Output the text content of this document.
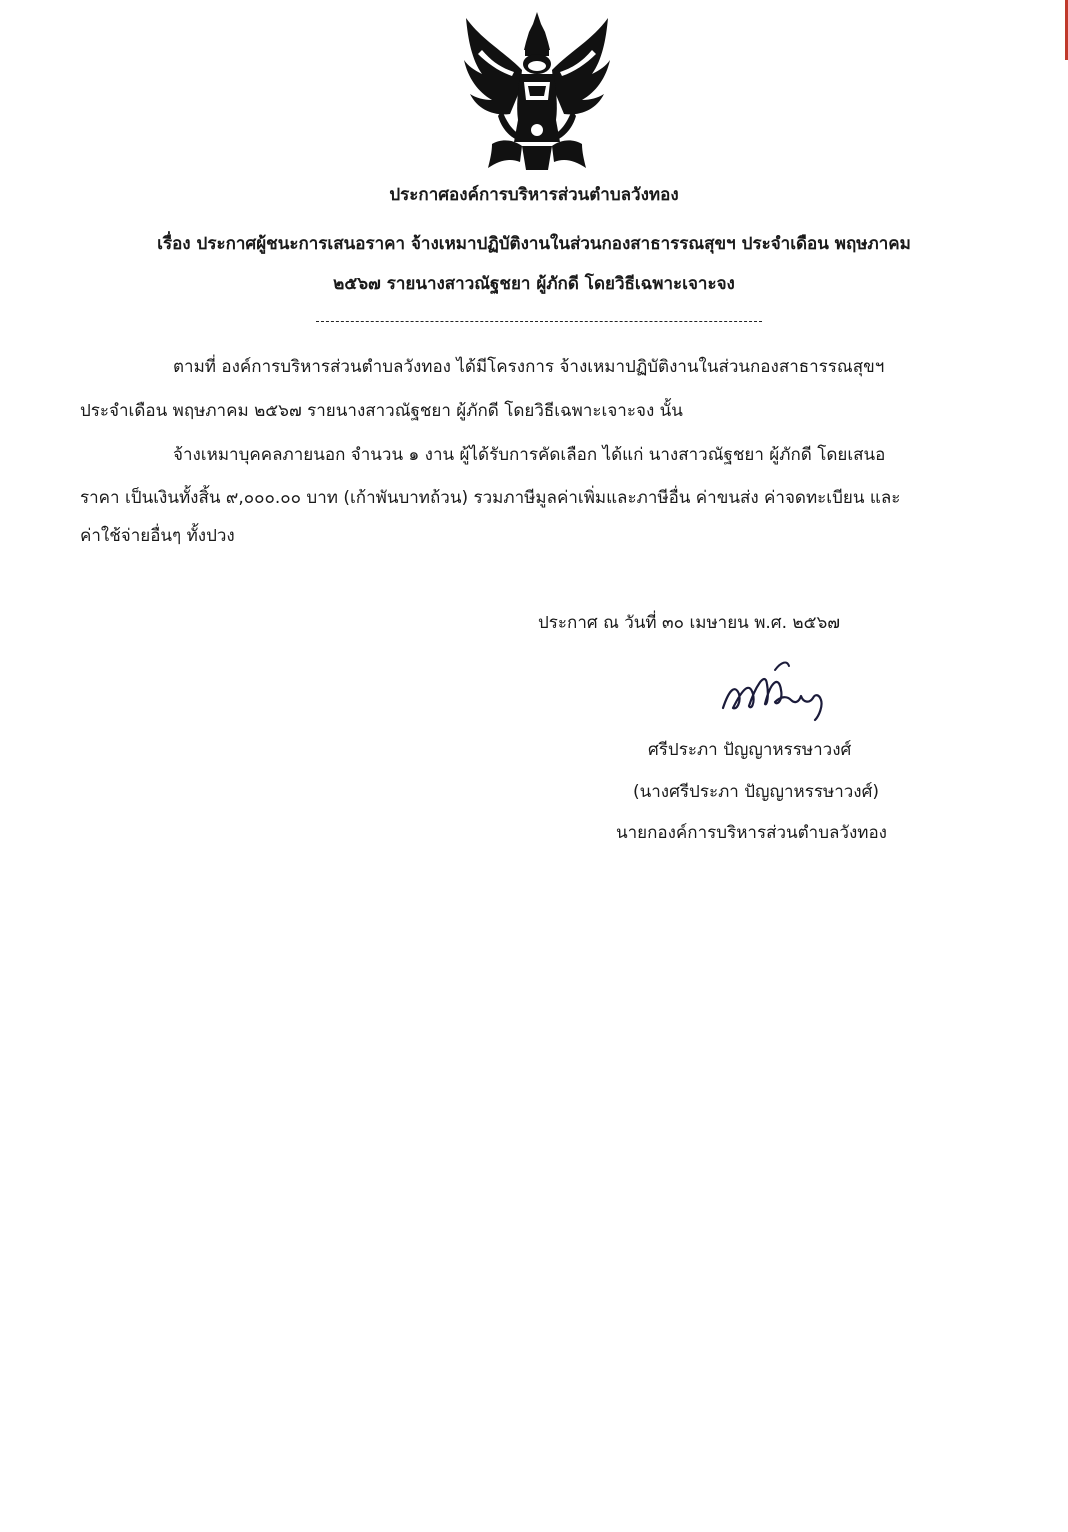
ประกาศองค์การบริหารส่วนตำบลวังทอง
เรื่อง ประกาศผู้ชนะการเสนอราคา จ้างเหมาปฏิบัติงานในส่วนกองสาธารรณสุขฯ ประจำเดือน พฤษภาคม
๒๕๖๗ รายนางสาวณัฐชยา ผู้ภักดี โดยวิธีเฉพาะเจาะจง
ตามที่ องค์การบริหารส่วนตำบลวังทอง ได้มีโครงการ จ้างเหมาปฏิบัติงานในส่วนกองสาธารรณสุขฯ
ประจำเดือน พฤษภาคม ๒๕๖๗ รายนางสาวณัฐชยา ผู้ภักดี โดยวิธีเฉพาะเจาะจง นั้น
จ้างเหมาบุคคลภายนอก จำนวน ๑ งาน ผู้ได้รับการคัดเลือก ได้แก่ นางสาวณัฐชยา ผู้ภักดี โดยเสนอ
ราคา เป็นเงินทั้งสิ้น ๙,๐๐๐.๐๐ บาท (เก้าพันบาทถ้วน) รวมภาษีมูลค่าเพิ่มและภาษีอื่น ค่าขนส่ง ค่าจดทะเบียน และ
ค่าใช้จ่ายอื่นๆ ทั้งปวง
ประกาศ ณ วันที่ ๓๐ เมษายน พ.ศ. ๒๕๖๗
ศรีประภา ปัญญาหรรษาวงศ์
(นางศรีประภา ปัญญาหรรษาวงศ์)
นายกองค์การบริหารส่วนตำบลวังทอง
